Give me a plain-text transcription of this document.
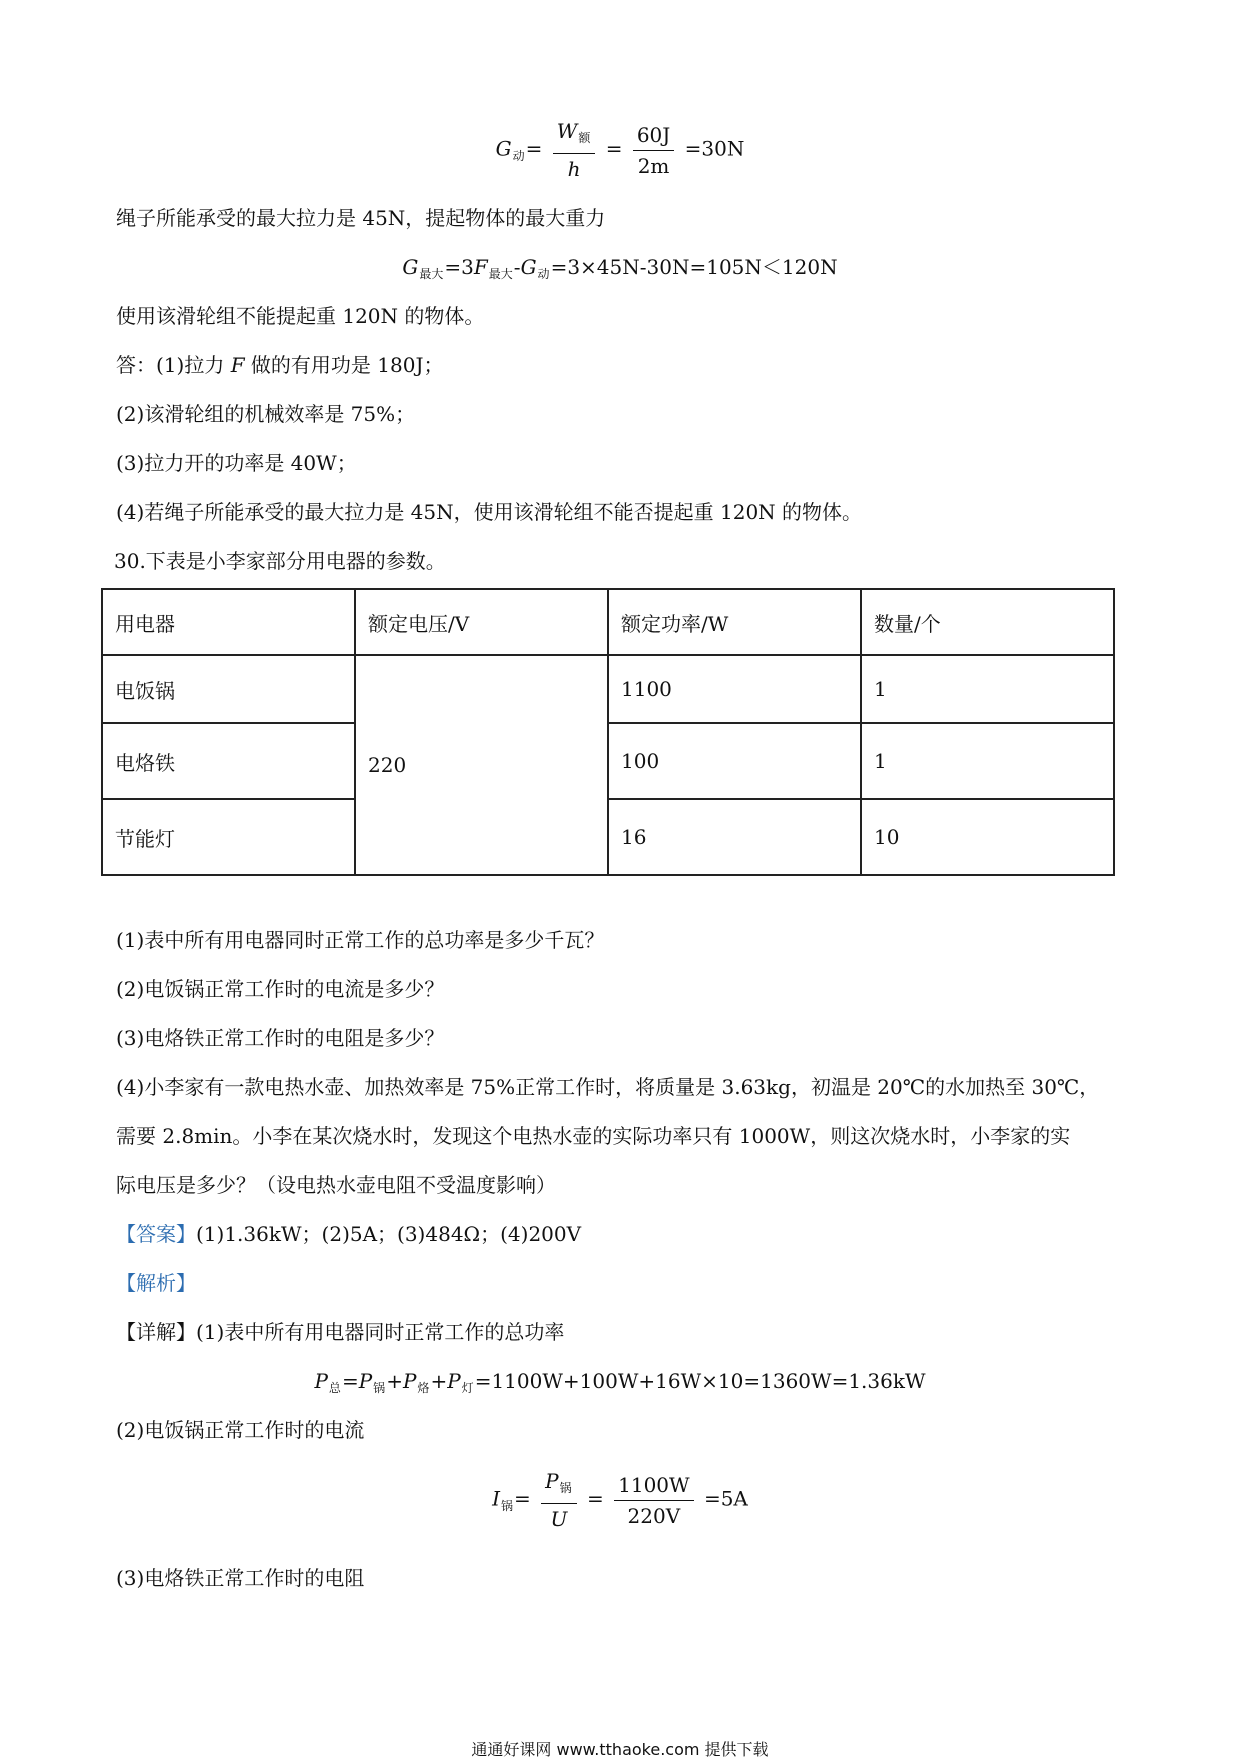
$G_动= \frac{W_额}{h} = \frac{60J}{2m} =30N$
绳子所能承受的最大拉力是 45N，提起物体的最大重力
$G_{最大}=3F_{最大}-G_动=3\times 45N-30N=105N<120N$
使用该滑轮组不能提起重 120N 的物体。
答：(1)拉力 F 做的有用功是 180J；
(2)该滑轮组的机械效率是 75%；
(3)拉力开的功率是 40W；
(4)若绳子所能承受的最大拉力是 45N，使用该滑轮组不能否提起重 120N 的物体。
30.下表是小李家部分用电器的参数。
用电器	额定电压/V	额定功率/W	数量/个
电饭锅	220	1100	1
电烙铁		100	1
节能灯		16	10
(1)表中所有用电器同时正常工作的总功率是多少千瓦？
(2)电饭锅正常工作时的电流是多少？
(3)电烙铁正常工作时的电阻是多少？
(4)小李家有一款电热水壶、加热效率是 75%正常工作时，将质量是 3.63kg，初温是 20℃的水加热至 30℃，
需要 2.8min。小李在某次烧水时，发现这个电热水壶的实际功率只有 1000W，则这次烧水时，小李家的实
际电压是多少？（设电热水壶电阻不受温度影响）
【答案】(1)1.36kW；(2)5A；(3)484Ω；(4)200V
【解析】
【详解】(1)表中所有用电器同时正常工作的总功率
$P_总=P_锅+P_烙+P_灯=1100W+100W+16W\times 10=1360W=1.36kW$
(2)电饭锅正常工作时的电流
$I_锅= \frac{P_锅}{U} = \frac{1100W}{220V} =5A$
(3)电烙铁正常工作时的电阻
通通好课网 www.tthaoke.com 提供下载
